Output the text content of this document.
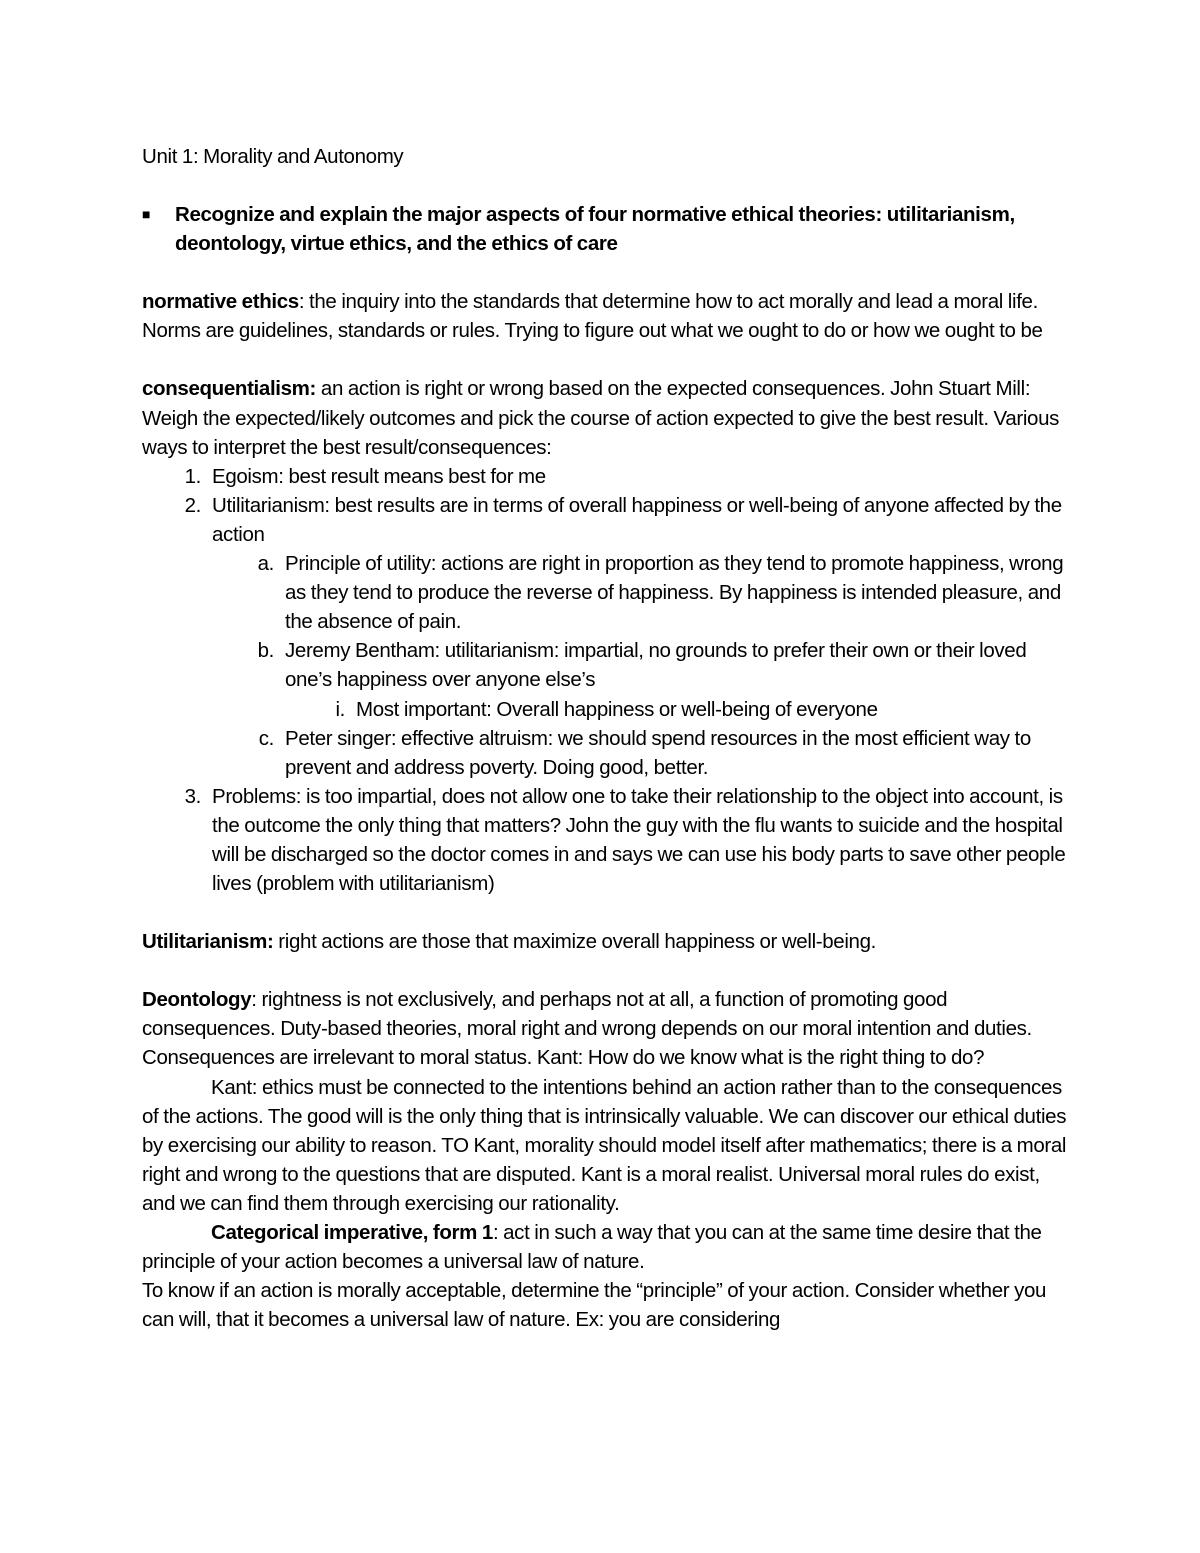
Unit 1: Morality and Autonomy

■	Recognize and explain the major aspects of four normative ethical theories: utilitarianism, deontology, virtue ethics, and the ethics of care

normative ethics: the inquiry into the standards that determine how to act morally and lead a moral life. Norms are guidelines, standards or rules. Trying to figure out what we ought to do or how we ought to be

consequentialism: an action is right or wrong based on the expected consequences. John Stuart Mill: Weigh the expected/likely outcomes and pick the course of action expected to give the best result. Various ways to interpret the best result/consequences:

1. Egoism: best result means best for me
2. Utilitarianism: best results are in terms of overall happiness or well-being of anyone affected by the action
a. Principle of utility: actions are right in proportion as they tend to promote happiness, wrong as they tend to produce the reverse of happiness. By happiness is intended pleasure, and the absence of pain.
b. Jeremy Bentham: utilitarianism: impartial, no grounds to prefer their own or their loved one’s happiness over anyone else’s
i. Most important: Overall happiness or well-being of everyone
c. Peter singer: effective altruism: we should spend resources in the most efficient way to prevent and address poverty. Doing good, better.
3. Problems: is too impartial, does not allow one to take their relationship to the object into account, is the outcome the only thing that matters? John the guy with the flu wants to suicide and the hospital will be discharged so the doctor comes in and says we can use his body parts to save other people lives (problem with utilitarianism)

Utilitarianism: right actions are those that maximize overall happiness or well-being.

Deontology: rightness is not exclusively, and perhaps not at all, a function of promoting good consequences. Duty-based theories, moral right and wrong depends on our moral intention and duties. Consequences are irrelevant to moral status. Kant: How do we know what is the right thing to do?

Kant: ethics must be connected to the intentions behind an action rather than to the consequences of the actions. The good will is the only thing that is intrinsically valuable. We can discover our ethical duties by exercising our ability to reason. TO Kant, morality should model itself after mathematics; there is a moral right and wrong to the questions that are disputed. Kant is a moral realist. Universal moral rules do exist, and we can find them through exercising our rationality.

Categorical imperative, form 1: act in such a way that you can at the same time desire that the principle of your action becomes a universal law of nature.

To know if an action is morally acceptable, determine the “principle” of your action. Consider whether you can will, that it becomes a universal law of nature. Ex: you are considering
